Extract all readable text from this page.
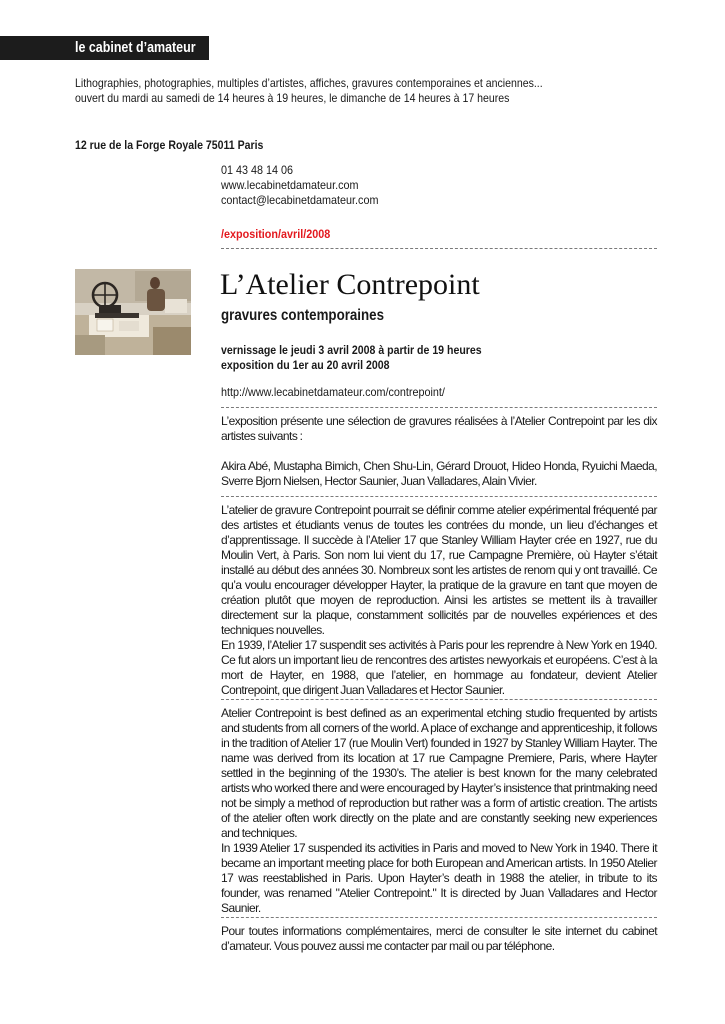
le cabinet d’amateur
Lithographies, photographies, multiples d’artistes, affiches, gravures contemporaines et anciennes...
ouvert du mardi au samedi de 14 heures à 19 heures, le dimanche de 14 heures à 17 heures
12 rue de la Forge Royale 75011 Paris
01 43 48 14 06
www.lecabinetdamateur.com
contact@lecabinetdamateur.com
/exposition/avril/2008
L’Atelier Contrepoint
gravures contemporaines
vernissage le jeudi 3 avril 2008 à partir de 19 heures
exposition du 1er au 20 avril 2008
http://www.lecabinetdamateur.com/contrepoint/
L’exposition présente une sélection de gravures réalisées à l’Atelier Contrepoint par les dix artistes suivants :
Akira Abé, Mustapha Bimich, Chen Shu-Lin, Gérard Drouot, Hideo Honda, Ryuichi Maeda, Sverre Bjorn Nielsen, Hector Saunier, Juan Valladares, Alain Vivier.

L’atelier de gravure Contrepoint pourrait se définir comme atelier expérimental fréquenté par des artistes et étudiants venus de toutes les contrées du monde, un lieu d’échanges et d’apprentissage. Il succède à l’Atelier 17 que Stanley William Hayter crée en 1927, rue du Moulin Vert, à Paris. Son nom lui vient du 17, rue Campagne Première, où Hayter s’était installé au début des années 30. Nombreux sont les artistes de renom qui y ont travaillé. Ce qu’a voulu encourager développer Hayter, la pratique de la gravure en tant que moyen de création plutôt que moyen de reproduction. Ainsi les artistes se mettent ils à travailler directement sur la plaque, constamment sollicités par de nouvelles expériences et des techniques nouvelles.

En 1939, l’Atelier 17 suspendit ses activités à Paris pour les reprendre à New York en 1940. Ce fut alors un important lieu de rencontres des artistes newyorkais et européens. C’est à la mort de Hayter, en 1988, que l’atelier, en hommage au fondateur, devient Atelier Contrepoint, que dirigent Juan Valladares et Hector Saunier.

Atelier Contrepoint is best defined as an experimental etching studio frequented by artists and students from all corners of the world. A place of exchange and apprenticeship, it follows in the tradition of Atelier 17 (rue Moulin Vert) founded in 1927 by Stanley William Hayter. The name was derived from its location at 17 rue Campagne Premiere, Paris, where Hayter settled in the beginning of the 1930’s. The atelier is best known for the many celebrated artists who worked there and were encouraged by Hayter’s insistence that printmaking need not be simply a method of reproduction but rather was a form of artistic creation. The artists of the atelier often work directly on the plate and are constantly seeking new experiences and techniques.

In 1939 Atelier 17 suspended its activities in Paris and moved to New York in 1940. There it became an important meeting place for both European and American artists. In 1950 Atelier 17 was reestablished in Paris. Upon Hayter’s death in 1988 the atelier, in tribute to its founder, was renamed "Atelier Contrepoint." It is directed by Juan Valladares and Hector Saunier.

Pour toutes informations complémentaires, merci de consulter le site internet du cabinet d’amateur. Vous pouvez aussi me contacter par mail ou par téléphone.
